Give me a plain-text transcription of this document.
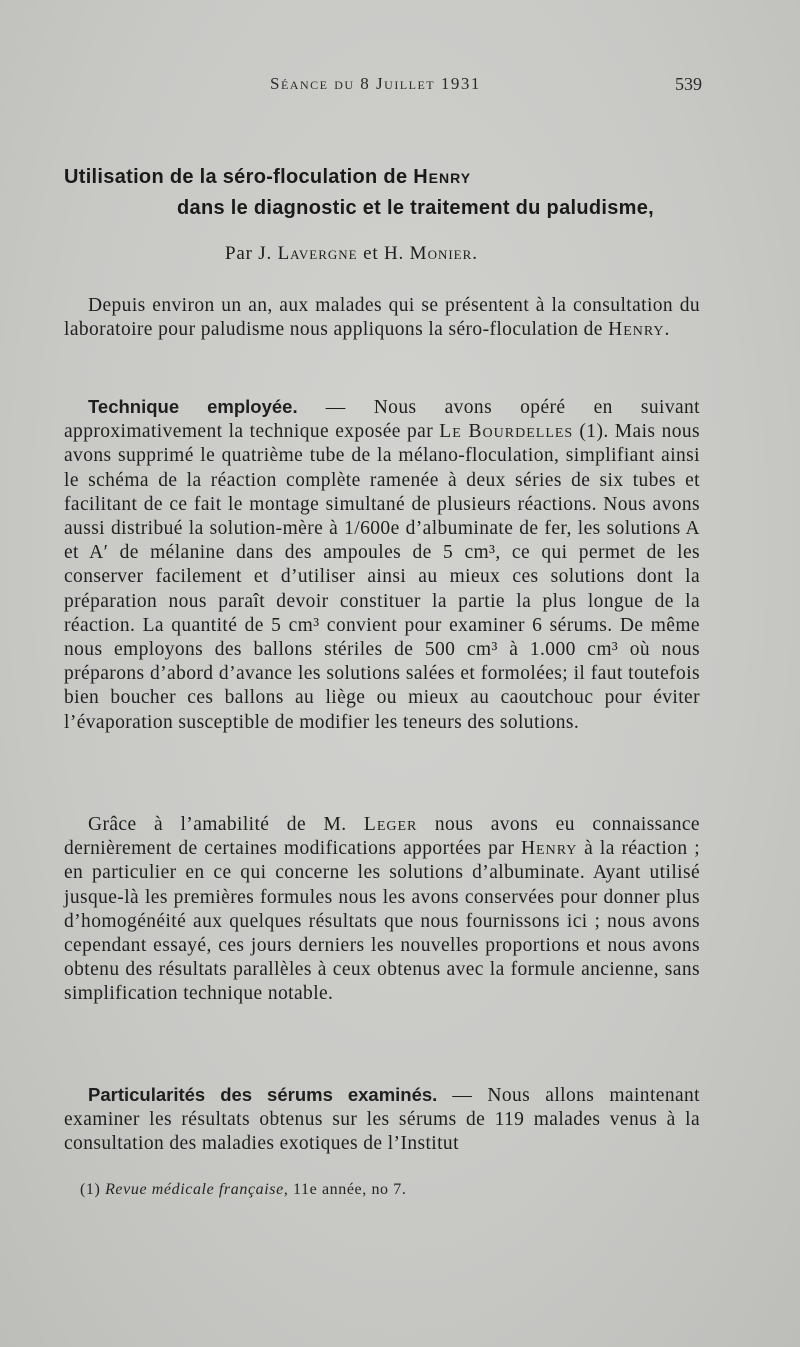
Séance du 8 Juillet 1931	539
Utilisation de la séro-floculation de Henry
dans le diagnostic et le traitement du paludisme,
Par J. Lavergne et H. Monier.
Depuis environ un an, aux malades qui se présentent à la consultation du laboratoire pour paludisme nous appliquons la séro-floculation de Henry.
Technique employée. — Nous avons opéré en suivant approximativement la technique exposée par Le Bourdelles (1). Mais nous avons supprimé le quatrième tube de la mélano-floculation, simplifiant ainsi le schéma de la réaction complète ramenée à deux séries de six tubes et facilitant de ce fait le montage simultané de plusieurs réactions. Nous avons aussi distribué la solution-mère à 1/600e d’albuminate de fer, les solutions A et A′ de mélanine dans des ampoules de 5 cm³, ce qui permet de les conserver facilement et d’utiliser ainsi au mieux ces solutions dont la préparation nous paraît devoir constituer la partie la plus longue de la réaction. La quantité de 5 cm³ convient pour examiner 6 sérums. De même nous employons des ballons stériles de 500 cm³ à 1.000 cm³ où nous préparons d’abord d’avance les solutions salées et formolées; il faut toutefois bien boucher ces ballons au liège ou mieux au caoutchouc pour éviter l’évaporation susceptible de modifier les teneurs des solutions.
Grâce à l’amabilité de M. Leger nous avons eu connaissance dernièrement de certaines modifications apportées par Henry à la réaction ; en particulier en ce qui concerne les solutions d’albuminate. Ayant utilisé jusque-là les premières formules nous les avons conservées pour donner plus d’homogénéité aux quelques résultats que nous fournissons ici ; nous avons cependant essayé, ces jours derniers les nouvelles proportions et nous avons obtenu des résultats parallèles à ceux obtenus avec la formule ancienne, sans simplification technique notable.
Particularités des sérums examinés. — Nous allons maintenant examiner les résultats obtenus sur les sérums de 119 malades venus à la consultation des maladies exotiques de l’Institut
(1) Revue médicale française, 11e année, no 7.
